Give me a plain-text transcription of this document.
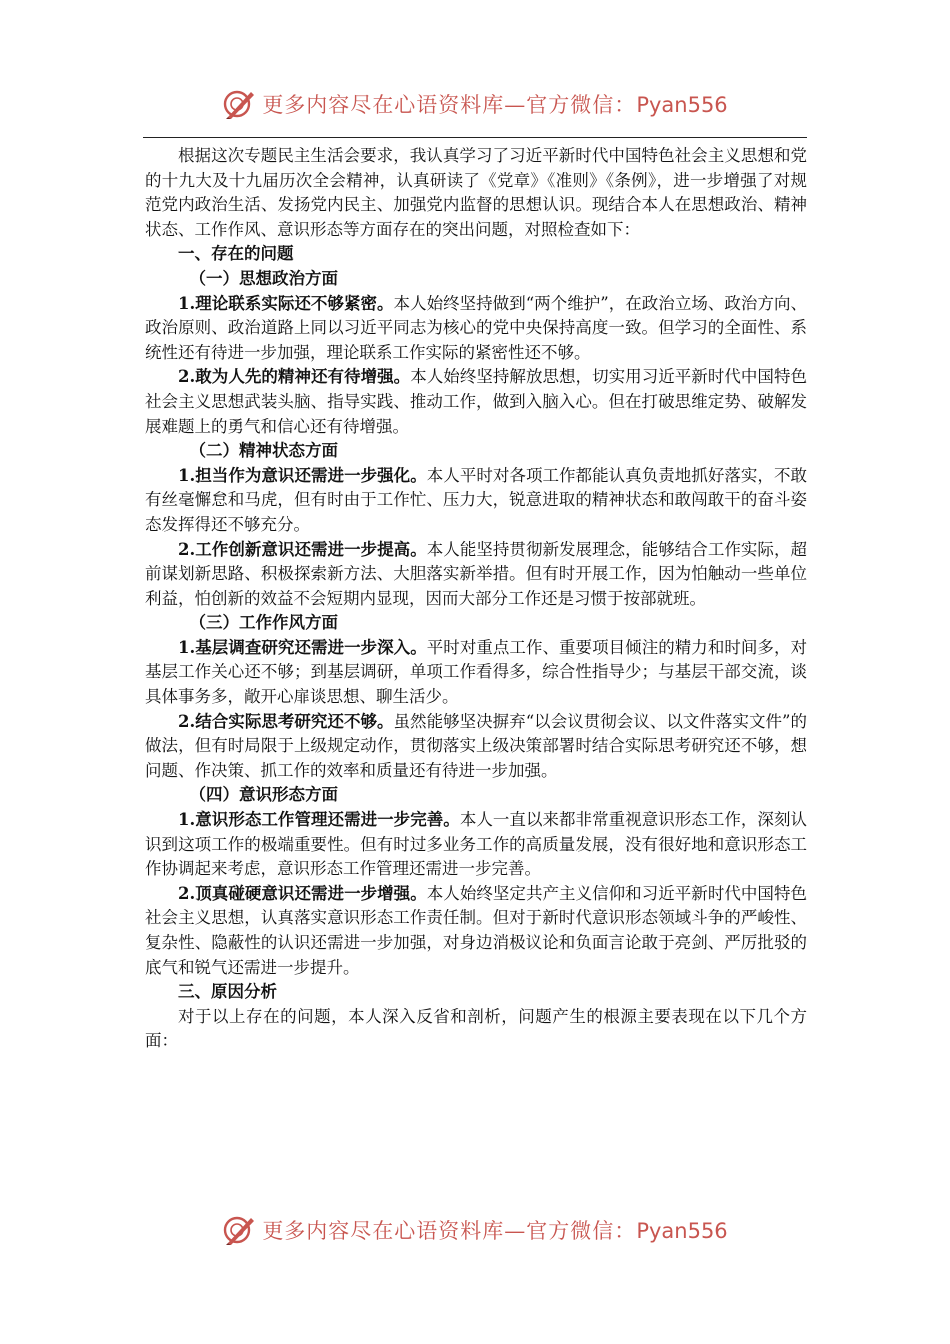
更多内容尽在心语资料库—官方微信：Pyan556

根据这次专题民主生活会要求，我认真学习了习近平新时代中国特色社会主义思想和党的十九大及十九届历次全会精神，认真研读了《党章》《准则》《条例》，进一步增强了对规范党内政治生活、发扬党内民主、加强党内监督的思想认识。现结合本人在思想政治、精神状态、工作作风、意识形态等方面存在的突出问题，对照检查如下：

一、存在的问题

（一）思想政治方面

1.理论联系实际还不够紧密。本人始终坚持做到“两个维护”，在政治立场、政治方向、政治原则、政治道路上同以习近平同志为核心的党中央保持高度一致。但学习的全面性、系统性还有待进一步加强，理论联系工作实际的紧密性还不够。

2.敢为人先的精神还有待增强。本人始终坚持解放思想，切实用习近平新时代中国特色社会主义思想武装头脑、指导实践、推动工作，做到入脑入心。但在打破思维定势、破解发展难题上的勇气和信心还有待增强。

（二）精神状态方面

1.担当作为意识还需进一步强化。本人平时对各项工作都能认真负责地抓好落实，不敢有丝毫懈怠和马虎，但有时由于工作忙、压力大，锐意进取的精神状态和敢闯敢干的奋斗姿态发挥得还不够充分。

2.工作创新意识还需进一步提高。本人能坚持贯彻新发展理念，能够结合工作实际，超前谋划新思路、积极探索新方法、大胆落实新举措。但有时开展工作，因为怕触动一些单位利益，怕创新的效益不会短期内显现，因而大部分工作还是习惯于按部就班。

（三）工作作风方面

1.基层调查研究还需进一步深入。平时对重点工作、重要项目倾注的精力和时间多，对基层工作关心还不够；到基层调研，单项工作看得多，综合性指导少；与基层干部交流，谈具体事务多，敞开心扉谈思想、聊生活少。

2.结合实际思考研究还不够。虽然能够坚决摒弃“以会议贯彻会议、以文件落实文件”的做法，但有时局限于上级规定动作，贯彻落实上级决策部署时结合实际思考研究还不够，想问题、作决策、抓工作的效率和质量还有待进一步加强。

（四）意识形态方面

1.意识形态工作管理还需进一步完善。本人一直以来都非常重视意识形态工作，深刻认识到这项工作的极端重要性。但有时过多业务工作的高质量发展，没有很好地和意识形态工作协调起来考虑，意识形态工作管理还需进一步完善。

2.顶真碰硬意识还需进一步增强。本人始终坚定共产主义信仰和习近平新时代中国特色社会主义思想，认真落实意识形态工作责任制。但对于新时代意识形态领域斗争的严峻性、复杂性、隐蔽性的认识还需进一步加强，对身边消极议论和负面言论敢于亮剑、严厉批驳的底气和锐气还需进一步提升。

三、原因分析

对于以上存在的问题，本人深入反省和剖析，问题产生的根源主要表现在以下几个方面：

更多内容尽在心语资料库—官方微信：Pyan556
